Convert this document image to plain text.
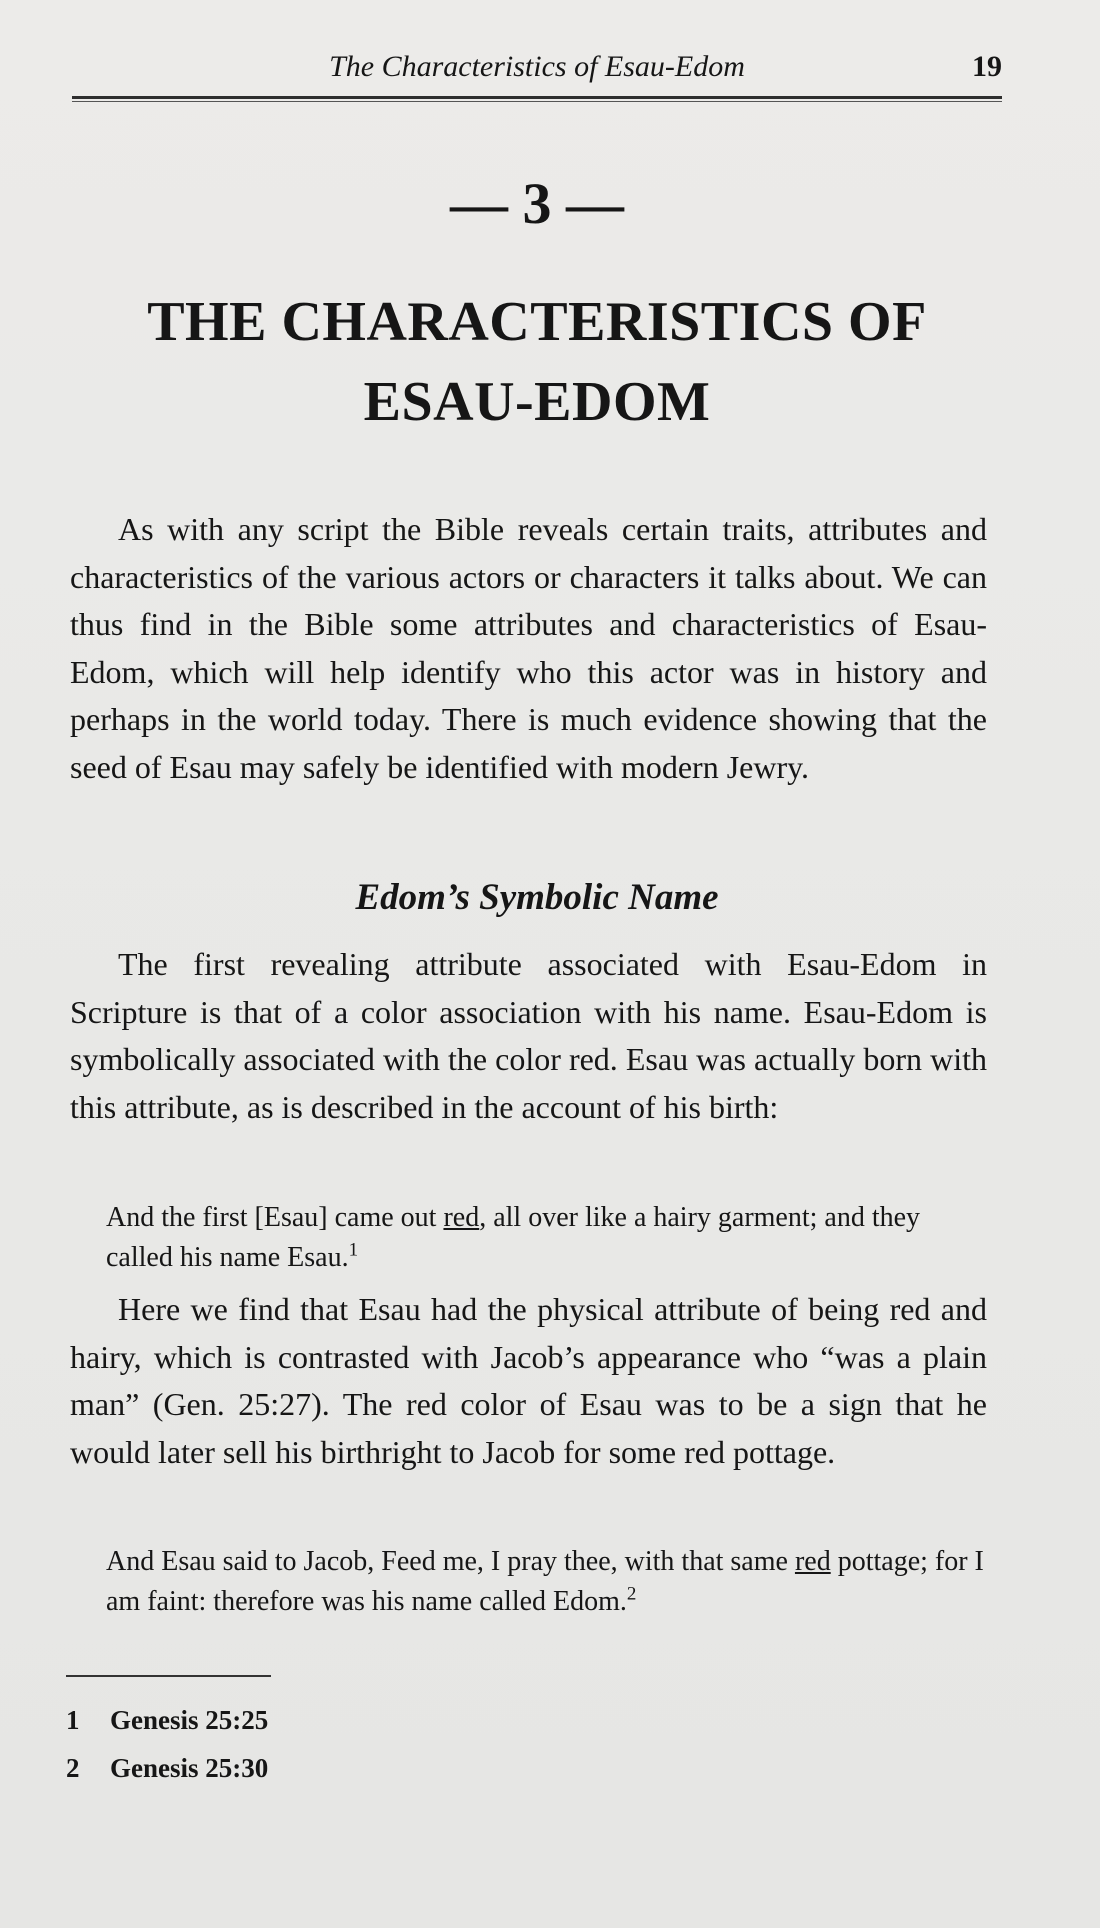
The Characteristics of Esau-Edom	19
— 3 —
THE CHARACTERISTICS OF
ESAU-EDOM

As with any script the Bible reveals certain traits, attributes and characteristics of the various actors or characters it talks about. We can thus find in the Bible some attributes and characteristics of Esau-Edom, which will help identify who this actor was in history and perhaps in the world today. There is much evidence showing that the seed of Esau may safely be identified with modern Jewry.

Edom’s Symbolic Name

The first revealing attribute associated with Esau-Edom in Scripture is that of a color association with his name. Esau-Edom is symbolically associated with the color red. Esau was actually born with this attribute, as is described in the account of his birth:

And the first [Esau] came out red, all over like a hairy garment; and they called his name Esau.$^1$

Here we find that Esau had the physical attribute of being red and hairy, which is contrasted with Jacob’s appearance who “was a plain man” (Gen. 25:27). The red color of Esau was to be a sign that he would later sell his birthright to Jacob for some red pottage.

And Esau said to Jacob, Feed me, I pray thee, with that same red pottage; for I am faint: therefore was his name called Edom.$^2$

1 Genesis 25:25
2 Genesis 25:30
